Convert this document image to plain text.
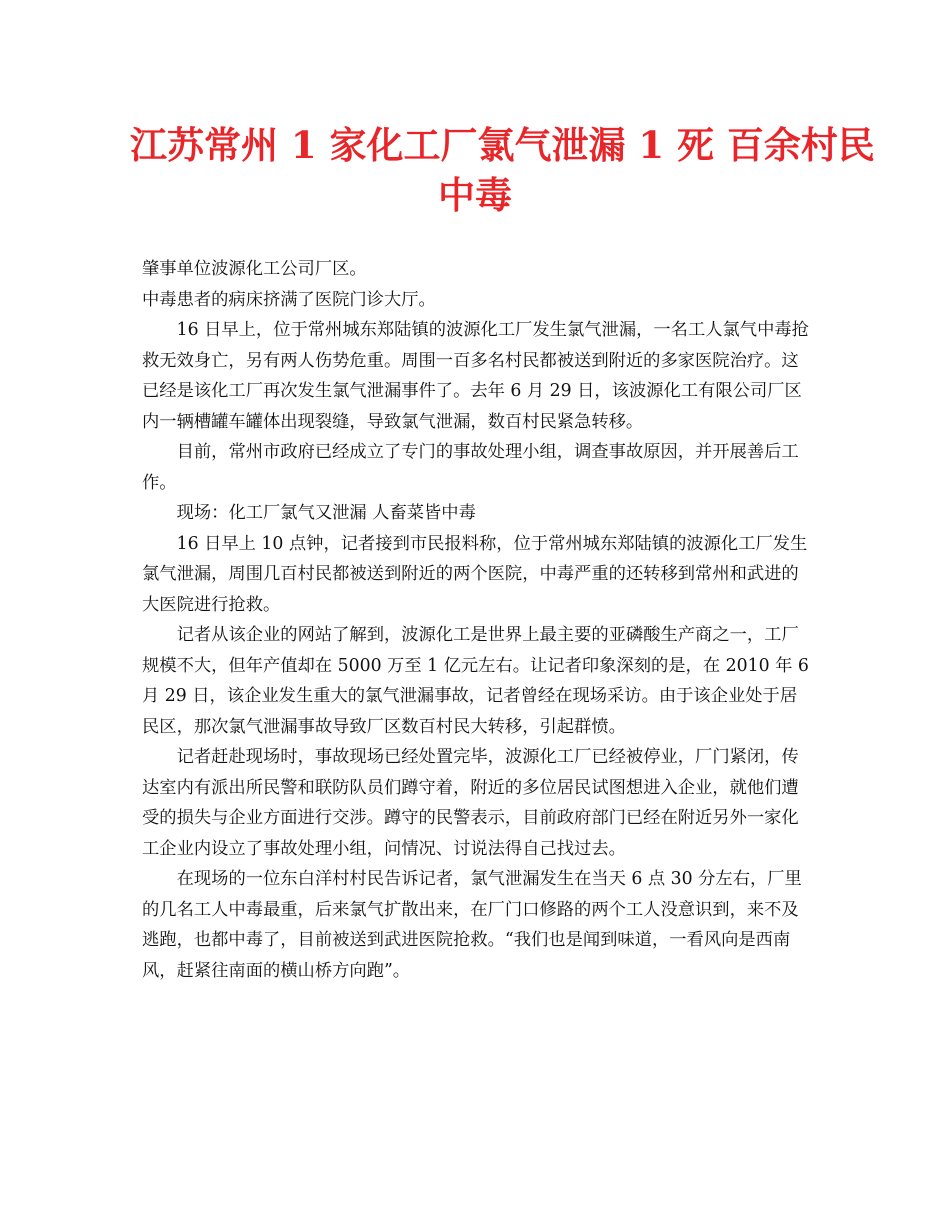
江苏常州 1 家化工厂氯气泄漏 1 死 百余村民
中毒

肇事单位波源化工公司厂区。

中毒患者的病床挤满了医院门诊大厅。

16 日早上，位于常州城东郑陆镇的波源化工厂发生氯气泄漏，一名工人氯气中毒抢救无效身亡，另有两人伤势危重。周围一百多名村民都被送到附近的多家医院治疗。这已经是该化工厂再次发生氯气泄漏事件了。去年 6 月 29 日，该波源化工有限公司厂区内一辆槽罐车罐体出现裂缝，导致氯气泄漏，数百村民紧急转移。

目前，常州市政府已经成立了专门的事故处理小组，调查事故原因，并开展善后工作。

现场：化工厂氯气又泄漏 人畜菜皆中毒

16 日早上 10 点钟，记者接到市民报料称，位于常州城东郑陆镇的波源化工厂发生氯气泄漏，周围几百村民都被送到附近的两个医院，中毒严重的还转移到常州和武进的大医院进行抢救。

记者从该企业的网站了解到，波源化工是世界上最主要的亚磷酸生产商之一，工厂规模不大，但年产值却在 5000 万至 1 亿元左右。让记者印象深刻的是，在 2010 年 6 月 29 日，该企业发生重大的氯气泄漏事故，记者曾经在现场采访。由于该企业处于居民区，那次氯气泄漏事故导致厂区数百村民大转移，引起群愤。

记者赶赴现场时，事故现场已经处置完毕，波源化工厂已经被停业，厂门紧闭，传达室内有派出所民警和联防队员们蹲守着，附近的多位居民试图想进入企业，就他们遭受的损失与企业方面进行交涉。蹲守的民警表示，目前政府部门已经在附近另外一家化工企业内设立了事故处理小组，问情况、讨说法得自己找过去。

在现场的一位东白洋村村民告诉记者，氯气泄漏发生在当天 6 点 30 分左右，厂里的几名工人中毒最重，后来氯气扩散出来，在厂门口修路的两个工人没意识到，来不及逃跑，也都中毒了，目前被送到武进医院抢救。“我们也是闻到味道，一看风向是西南风，赶紧往南面的横山桥方向跑”。
